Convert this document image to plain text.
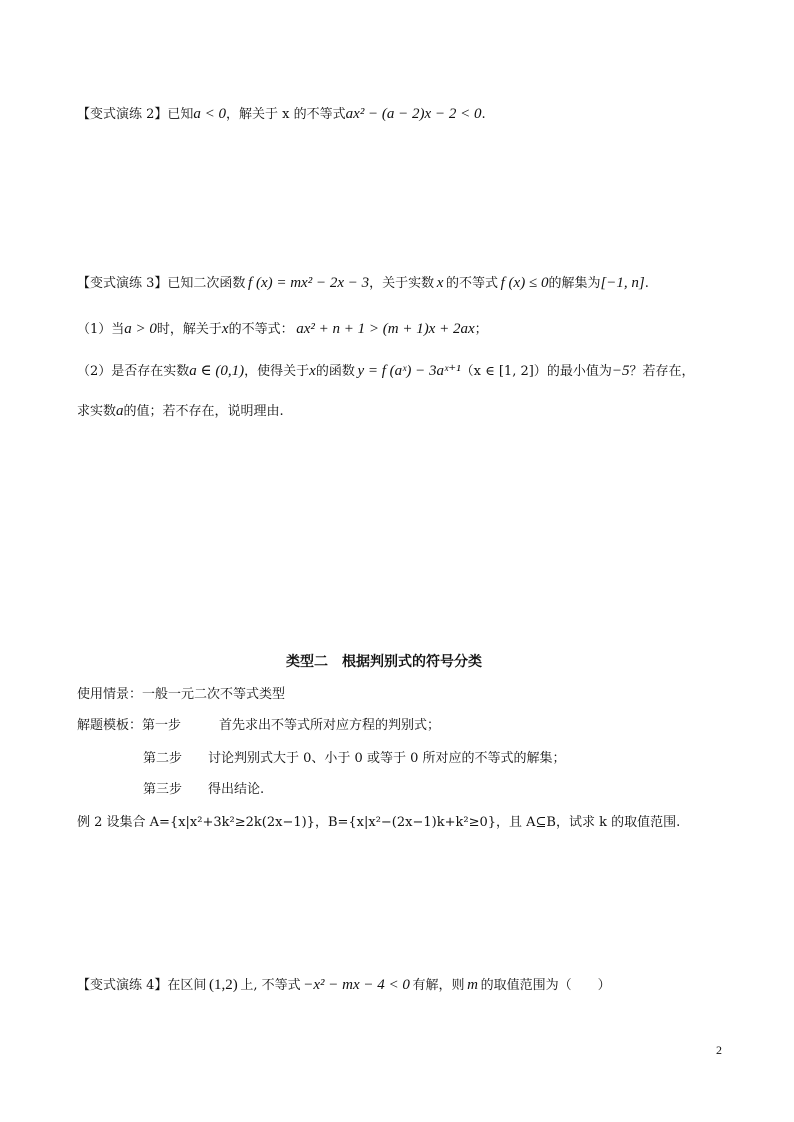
【变式演练 2】已知a < 0，解关于 x 的不等式ax² − (a − 2)x − 2 < 0.
【变式演练 3】已知二次函数  f (x) = mx² − 2x − 3，关于实数  x  的不等式  f (x) ≤ 0的解集为[−1, n].
（1）当a > 0时，解关于x的不等式：  ax² + n + 1 > (m + 1)x + 2ax；
（2）是否存在实数a ∈ (0,1)，使得关于x的函数  y = f (aˣ) − 3aˣ⁺¹（x ∈ [1, 2]）的最小值为−5？若存在，
求实数a的值；若不存在，说明理由.
类型二　根据判别式的符号分类
使用情景：一般一元二次不等式类型
解题模板：第一步	首先求出不等式所对应方程的判别式；
第二步 讨论判别式大于 0、小于 0 或等于 0 所对应的不等式的解集；
第三步 得出结论.
例 2 设集合 A={x|x²+3k²≥2k(2x−1)}，B={x|x²−(2x−1)k+k²≥0}，且 A⊆B，试求 k 的取值范围.
【变式演练 4】在区间  (1,2)  上, 不等式  −x² − mx − 4 < 0  有解，则  m  的取值范围为（　　）
2
